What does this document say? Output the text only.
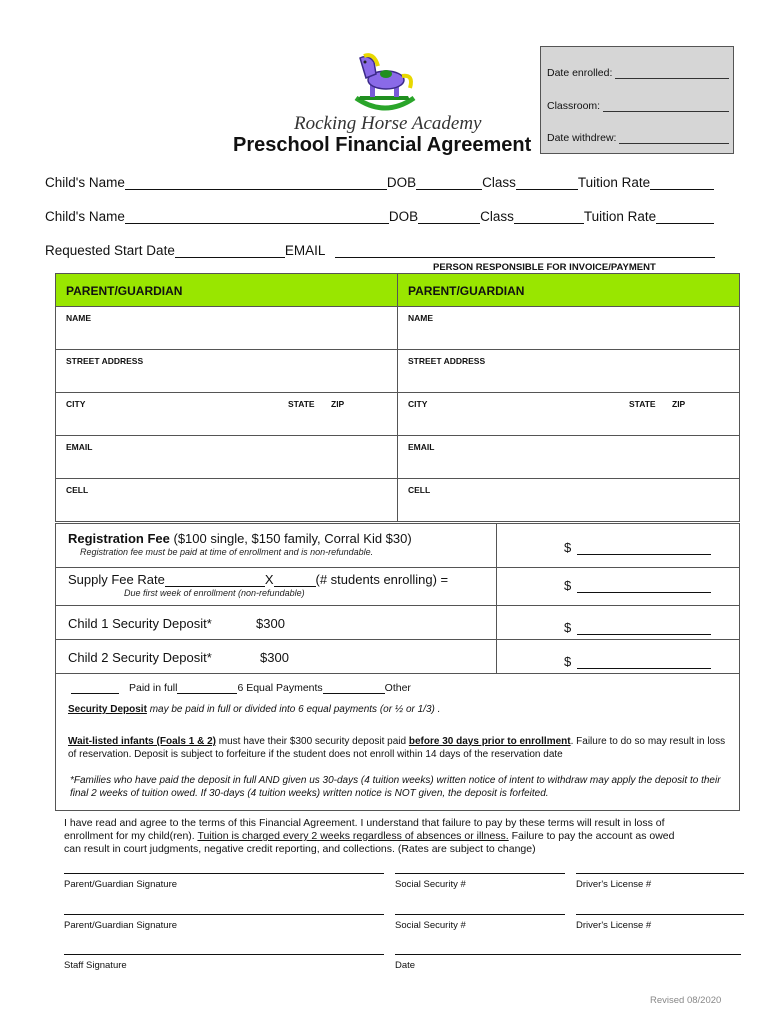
Rocking Horse Academy
Preschool Financial Agreement
Date enrolled:
Classroom:
Date withdrew:
Child's Name	DOB	Class	Tuition Rate
Child's Name	DOB	Class	Tuition Rate
Requested Start Date	EMAIL
PERSON RESPONSIBLE FOR INVOICE/PAYMENT
PARENT/GUARDIAN	PARENT/GUARDIAN
NAME	NAME
STREET ADDRESS	STREET ADDRESS
CITY	STATE ZIP	CITY	STATE ZIP
EMAIL	EMAIL
CELL	CELL
Registration Fee ($100 single, $150 family, Corral Kid $30)
Registration fee must be paid at time of enrollment and is non-refundable.	$
Supply Fee Rate	X	(# students enrolling) =
Due first week of enrollment (non-refundable)	$
Child 1 Security Deposit*	$300	$
Child 2 Security Deposit*	$300	$
Paid in full	6 Equal Payments	Other
Security Deposit may be paid in full or divided into 6 equal payments (or ½ or 1/3) .
Wait-listed infants (Foals 1 & 2) must have their $300 security deposit paid before 30 days prior to enrollment. Failure to do so may result in loss of reservation. Deposit is subject to forfeiture if the student does not enroll within 14 days of the reservation date
*Families who have paid the deposit in full AND given us 30-days (4 tuition weeks) written notice of intent to withdraw may apply the deposit to their final 2 weeks of tuition owed. If 30-days (4 tuition weeks) written notice is NOT given, the deposit is forfeited.
I have read and agree to the terms of this Financial Agreement. I understand that failure to pay by these terms will result in loss of enrollment for my child(ren). Tuition is charged every 2 weeks regardless of absences or illness. Failure to pay the account as owed can result in court judgments, negative credit reporting, and collections. (Rates are subject to change)
Parent/Guardian Signature	Social Security #	Driver's License #
Parent/Guardian Signature	Social Security #	Driver's License #
Staff Signature	Date
Revised 08/2020
